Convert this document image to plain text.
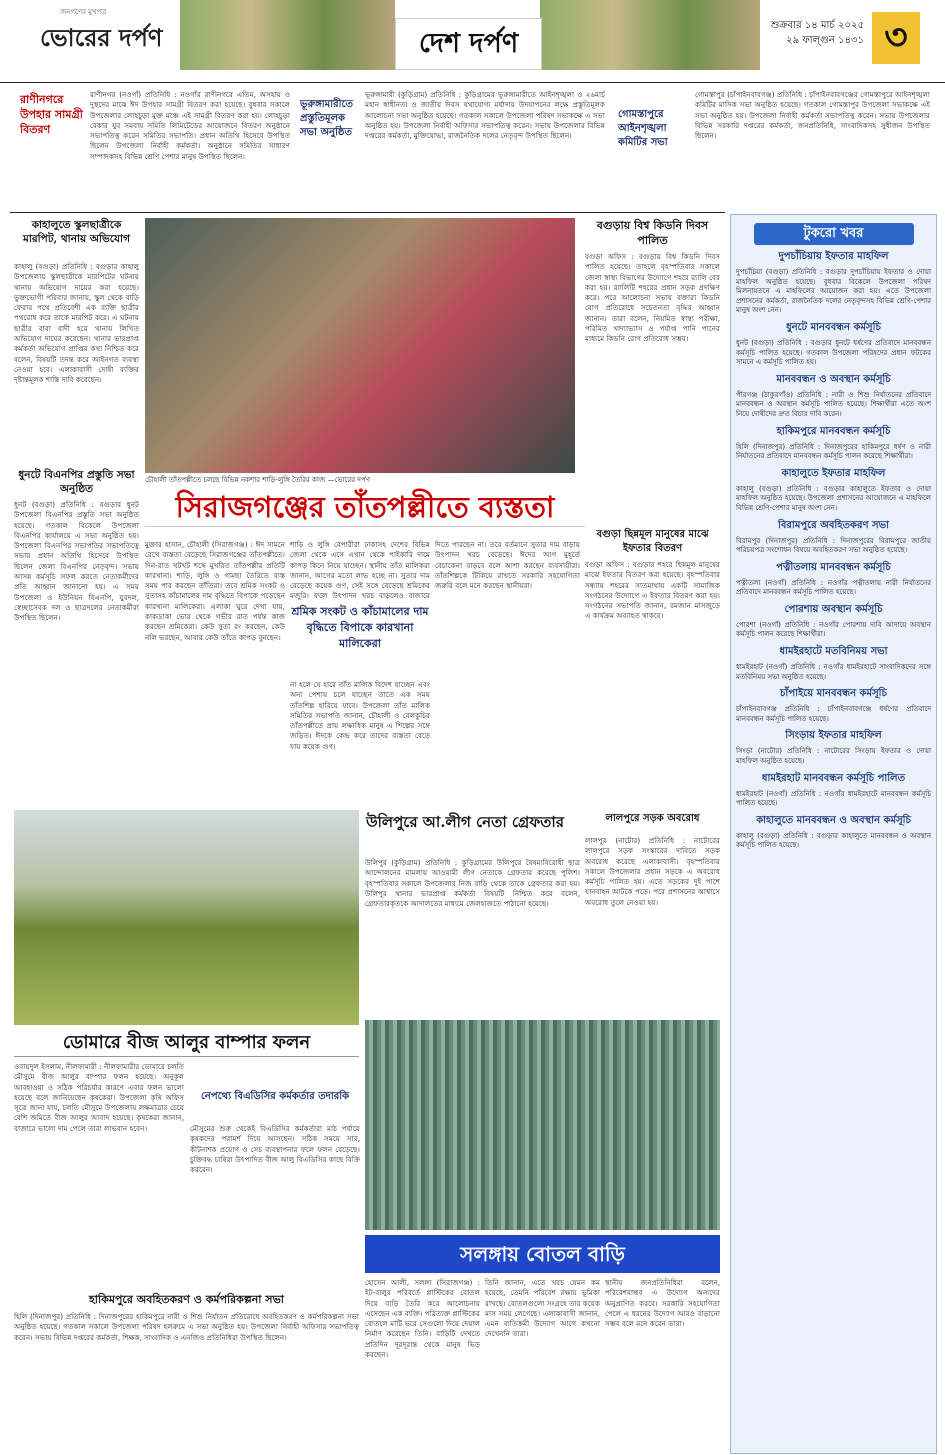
জনগণের মুখপত্র
ভোরের দর্পণ	দেশ দর্পণ
শুক্রবার ১৪ মার্চ ২০২৫
২৯ ফাল্গুন ১৪৩১ ৩
রাণীনগরে উপহার সামগ্রী বিতরণ
রাণীনগর (নওগাঁ) প্রতিনিধি : নওগাঁর রাণীনগরে এতিম, অসহায় ও দুস্থদের মাঝে ঈদ উপহার সামগ্রী বিতরণ করা হয়েছে। বুধবার সকালে উপজেলার লোহচুড়া মুক্ত মঞ্চে এই সামগ্রী বিতরণ করা হয়। লোহচুড়া বেকার যুব সমবায় সমিতি লিমিটেডের আয়োজনে বিতরণ অনুষ্ঠানে সভাপতিত্ব করেন সমিতির সভাপতি। প্রধান অতিথি হিসেবে উপস্থিত ছিলেন উপজেলা নির্বাহী কর্মকর্তা। অনুষ্ঠানে সমিতির সাধারণ সম্পাদকসহ বিভিন্ন শ্রেণি পেশার মানুষ উপস্থিত ছিলেন।
ভূরুঙ্গামারীতে প্রস্তুতিমূলক সভা অনুষ্ঠিত
ভূরুঙ্গামারী (কুড়িগ্রাম) প্রতিনিধি : কুড়িগ্রামের ভূরুঙ্গামারীতে আইনশৃঙ্খলা ও ২৬মার্চ মহান স্বাধীনতা ও জাতীয় দিবস যথাযোগ্য মর্যাদায় উদযাপনের লক্ষে প্রস্তুতিমূলক আলোচনা সভা অনুষ্ঠিত হয়েছে। গতকাল সকালে উপজেলা পরিষদ সভাকক্ষে এ সভা অনুষ্ঠিত হয়। উপজেলা নির্বাহী অফিসার সভাপতিত্ব করেন। সভায় উপজেলার বিভিন্ন দপ্তরের কর্মকর্তা, মুক্তিযোদ্ধা, রাজনৈতিক দলের নেতৃবৃন্দ উপস্থিত ছিলেন।
গোমস্তাপুরে আইনশৃঙ্খলা কমিটির সভা
গোমস্তাপুর (চাঁপাইনবাবগঞ্জ) প্রতিনিধি : চাঁপাইনবাবগঞ্জের গোমস্তাপুরে আইনশৃঙ্খলা কমিটির মাসিক সভা অনুষ্ঠিত হয়েছে। গতকাল গোমস্তাপুর উপজেলা সভাকক্ষে এই সভা অনুষ্ঠিত হয়। উপজেলা নির্বাহী কর্মকর্তা সভাপতিত্ব করেন। সভায় উপজেলার বিভিন্ন সরকারি দপ্তরের কর্মকর্তা, জনপ্রতিনিধি, সাংবাদিকসহ সুধীজন উপস্থিত ছিলেন।
কাহালুতে স্কুলছাত্রীকে মারপিট, থানায় অভিযোগ
কাহালু (বগুড়া) প্রতিনিধি : বগুড়ার কাহালু উপজেলায় স্কুলছাত্রীকে মারপিটের ঘটনায় থানায় অভিযোগ দায়ের করা হয়েছে। ভুক্তভোগী পরিবার জানায়, স্কুল থেকে বাড়ি ফেরার পথে প্রতিবেশী এক ব্যক্তি ছাত্রীর পথরোধ করে তাকে মারপিট করে। এ ঘটনায় ছাত্রীর বাবা বাদী হয়ে থানায় লিখিত অভিযোগ দায়ের করেছেন। থানার ভারপ্রাপ্ত কর্মকর্তা অভিযোগ প্রাপ্তির কথা নিশ্চিত করে বলেন, বিষয়টি তদন্ত করে আইনগত ব্যবস্থা নেওয়া হবে। এলাকাবাসী দোষী ব্যক্তির দৃষ্টান্তমূলক শাস্তি দাবি করেছেন।
ধুনটে বিএনপির প্রস্তুতি সভা অনুষ্ঠিত
ধুনট (বগুড়া) প্রতিনিধি : বগুড়ার ধুনট উপজেলা বিএনপির প্রস্তুতি সভা অনুষ্ঠিত হয়েছে। গতকাল বিকেলে উপজেলা বিএনপির কার্যালয়ে এ সভা অনুষ্ঠিত হয়। উপজেলা বিএনপির সভাপতির সভাপতিত্বে সভায় প্রধান অতিথি হিসেবে উপস্থিত ছিলেন জেলা বিএনপির নেতৃবৃন্দ। সভায় আসন্ন কর্মসূচি সফল করতে নেতাকর্মীদের প্রতি আহ্বান জানানো হয়। এ সময় উপজেলা ও ইউনিয়ন বিএনপি, যুবদল, স্বেচ্ছাসেবক দল ও ছাত্রদলের নেতাকর্মীরা উপস্থিত ছিলেন।
চৌহালী তাঁতপল্লীতে চলছে বিভিন্ন নকশার শাড়ি-লুঙ্গি তৈরির কাজ —ভোরের দর্পণ
সিরাজগঞ্জের তাঁতপল্লীতে ব্যস্ততা
মুক্তার হাসান, চৌহালী (সিরাজগঞ্জ) : ঈদ সামনে রেখে ব্যস্ততা বেড়েছে সিরাজগঞ্জের তাঁতপল্লীতে। দিন-রাত খটখট শব্দে মুখরিত তাঁতপল্লীর প্রতিটি কারখানা। শাড়ি, লুঙ্গি ও গামছা তৈরিতে ব্যস্ত সময় পার করছেন তাঁতিরা। তবে শ্রমিক সংকট ও সুতাসহ কাঁচামালের দাম বৃদ্ধিতে বিপাকে পড়েছেন কারখানা মালিকেরা। এলাকা ঘুরে দেখা যায়, কাকডাকা ভোর থেকে গভীর রাত পর্যন্ত কাজ করছেন শ্রমিকেরা। কেউ সুতা রং করছেন, কেউ নলি ভরছেন, আবার কেউ তাঁতে কাপড় বুনছেন।
শাড়ি ও লুঙ্গি বেপারীরা ঢাকাসহ দেশের বিভিন্ন জেলা থেকে এসে এখান থেকে পাইকারি দামে কাপড় কিনে নিয়ে যাচ্ছেন। স্থানীয় তাঁত মালিকরা জানান, আগের মতো লাভ হচ্ছে না। সুতার দাম বেড়েছে কয়েক গুণ, সেই সঙ্গে বেড়েছে শ্রমিকের মজুরি। ফলে উৎপাদন খরচ বাড়লেও বাজারে
শ্রমিক সংকট ও কাঁচামালের দাম বৃদ্ধিতে বিপাকে কারখানা মালিকেরা
না হলে যে হারে তাঁত মালিক বিদেশ যাচ্ছেন এবং অন্য পেশায় চলে যাচ্ছেন তাতে এক সময় তাঁতশিল্প হারিয়ে যাবে। উপজেলা তাঁত মালিক সমিতির সভাপতি জানান, চৌহালী ও বেলকুচির তাঁতপল্লীতে প্রায় লক্ষাধিক মানুষ এ শিল্পের সঙ্গে জড়িত। ঈদকে কেন্দ্র করে তাদের ব্যস্ততা বেড়ে যায় কয়েক গুণ।
দিতে পারছেন না। তবে বর্তমানে সুতার দাম বাড়ায় উৎপাদন খরচ বেড়েছে। ঈদের আগ মুহূর্তে বেচাকেনা বাড়বে বলে আশা করছেন ব্যবসায়ীরা। তাঁতশিল্পকে টিকিয়ে রাখতে সরকারি সহযোগিতা জরুরি বলে মনে করছেন স্থানীয়রা।
বগুড়ায় বিশ্ব কিডনি দিবস পালিত
বগুড়া অফিস : বগুড়ায় বিশ্ব কিডনি দিবস পালিত হয়েছে। তাহলে বৃহস্পতিবার সকালে জেলা স্বাস্থ্য বিভাগের উদ্যোগে শহরে র‍্যালি বের করা হয়। র‍্যালিটি শহরের প্রধান সড়ক প্রদক্ষিণ করে। পরে আলোচনা সভায় বক্তারা কিডনি রোগ প্রতিরোধে সচেতনতা বৃদ্ধির আহ্বান জানান। তারা বলেন, নিয়মিত স্বাস্থ্য পরীক্ষা, পরিমিত খাদ্যাভ্যাস ও পর্যাপ্ত পানি পানের মাধ্যমে কিডনি রোগ প্রতিরোধ সম্ভব।
বগুড়া ছিন্নমূল মানুষের মাঝে ইফতার বিতরণ
বগুড়া অফিস : বগুড়ার শহরে ছিন্নমূল মানুষের মাঝে ইফতার বিতরণ করা হয়েছে। বৃহস্পতিবার সন্ধ্যায় শহরের সাতমাথায় একটি সামাজিক সংগঠনের উদ্যোগে এ ইফতার বিতরণ করা হয়। সংগঠনের সভাপতি জানান, রমজান মাসজুড়ে এ কার্যক্রম অব্যাহত থাকবে।
উলিপুরে আ.লীগ নেতা গ্রেফতার
উলিপুর (কুড়িগ্রাম) প্রতিনিধি : কুড়িগ্রামের উলিপুরে বৈষম্যবিরোধী ছাত্র আন্দোলনের মামলায় আওয়ামী লীগ নেতাকে গ্রেফতার করেছে পুলিশ। বৃহস্পতিবার সকালে উপজেলার নিজ বাড়ি থেকে তাকে গ্রেফতার করা হয়। উলিপুর থানার ভারপ্রাপ্ত কর্মকর্তা বিষয়টি নিশ্চিত করে বলেন, গ্রেফতারকৃতকে আদালতের মাধ্যমে জেলহাজতে পাঠানো হয়েছে।
লালপুরে সড়ক অবরোধ
লালপুর (নাটোর) প্রতিনিধি : নাটোরের লালপুরে সড়ক সংস্কারের দাবিতে সড়ক অবরোধ করেছে এলাকাবাসী। বৃহস্পতিবার সকালে উপজেলার প্রধান সড়কে এ অবরোধ কর্মসূচি পালিত হয়। এতে সড়কের দুই পাশে যানবাহন আটকে পড়ে। পরে প্রশাসনের আশ্বাসে অবরোধ তুলে নেওয়া হয়।
ডোমারে বীজ আলুর বাম্পার ফলন
ওবায়দুল ইসলাম, নীলফামারী : নীলফামারীর ডোমারে চলতি মৌসুমে বীজ আলুর বাম্পার ফলন হয়েছে। অনুকূল আবহাওয়া ও সঠিক পরিচর্যার কারণে এবার ফলন ভালো হয়েছে বলে জানিয়েছেন কৃষকেরা। উপজেলা কৃষি অফিস সূত্রে জানা যায়, চলতি মৌসুমে উপজেলায় লক্ষমাত্রার চেয়ে বেশি জমিতে বীজ আলুর আবাদ হয়েছে। কৃষকেরা জানান, বাজারে ভালো দাম পেলে তারা লাভবান হবেন।
নেপথ্যে বিএডিসির কর্মকর্তার তদারকি
মৌসুমের শুরু থেকেই বিএডিসির কর্মকর্তারা মাঠ পর্যায়ে কৃষকদের পরামর্শ দিয়ে আসছেন। সঠিক সময়ে সার, কীটনাশক প্রয়োগ ও সেচ ব্যবস্থাপনার ফলে ফলন বেড়েছে। চুক্তিবদ্ধ চাষিরা উৎপাদিত বীজ আলু বিএডিসির কাছে বিক্রি করবেন।
সলঙ্গায় বোতল বাড়ি
হোসেন আলী, সলঙ্গা (সিরাজগঞ্জ) : ইট-বালুর পরিবর্তে প্লাস্টিকের বোতল দিয়ে বাড়ি তৈরি করে আলোচনায় এসেছেন এক ব্যক্তি। পরিত্যক্ত প্লাস্টিকের বোতলে মাটি ভরে সেগুলো দিয়ে দেয়াল নির্মাণ করেছেন তিনি। বাড়িটি দেখতে প্রতিদিন দূরদূরান্ত থেকে মানুষ ভিড় করছেন।
তিনি জানান, এতে খরচ যেমন কম হয়েছে, তেমনি পরিবেশ রক্ষায় ভূমিকা রাখছে। বোতলগুলো সংগ্রহে তার কয়েক মাস সময় লেগেছে। এলাকাবাসী জানান, এমন ব্যতিক্রমী উদ্যোগ আগে কখনো দেখেননি তারা।
স্থানীয় জনপ্রতিনিধিরা বলেন, পরিবেশবান্ধব এ উদ্যোগ অন্যদের অনুপ্রাণিত করবে। সরকারি সহযোগিতা পেলে এ ধরনের উদ্যোগ আরও বাড়ানো সম্ভব বলে মনে করেন তারা।
হাকিমপুরে অবহিতকরণ ও কর্মপরিকল্পনা সভা
হিলি (দিনাজপুর) প্রতিনিধি : দিনাজপুরের হাকিমপুরে নারী ও শিশু নির্যাতন প্রতিরোধে অবহিতকরণ ও কর্মপরিকল্পনা সভা অনুষ্ঠিত হয়েছে। গতকাল সকালে উপজেলা পরিষদ হলরুমে এ সভা অনুষ্ঠিত হয়। উপজেলা নির্বাহী অফিসার সভাপতিত্ব করেন। সভায় বিভিন্ন দপ্তরের কর্মকর্তা, শিক্ষক, সাংবাদিক ও এনজিও প্রতিনিধিরা উপস্থিত ছিলেন।
টুকরো খবর
দুপচাঁচিয়ায় ইফতার মাহফিল
দুপচাঁচিয়া (বগুড়া) প্রতিনিধি : বগুড়ার দুপচাঁচিয়ায় ইফতার ও দোয়া মাহফিল অনুষ্ঠিত হয়েছে। বুধবার বিকেলে উপজেলা পরিষদ মিলনায়তনে এ মাহফিলের আয়োজন করা হয়। এতে উপজেলা প্রশাসনের কর্মকর্তা, রাজনৈতিক দলের নেতৃবৃন্দসহ বিভিন্ন শ্রেণি-পেশার মানুষ অংশ নেন।
ধুনটে মানববন্ধন কর্মসূচি
ধুনট (বগুড়া) প্রতিনিধি : বগুড়ার ধুনটে ধর্ষণের প্রতিবাদে মানববন্ধন কর্মসূচি পালিত হয়েছে। গতকাল উপজেলা পরিষদের প্রধান ফটকের সামনে এ কর্মসূচি পালিত হয়।
মানববন্ধন ও অবস্থান কর্মসূচি
পীরগঞ্জ (ঠাকুরগাঁও) প্রতিনিধি : নারী ও শিশু নির্যাতনের প্রতিবাদে মানববন্ধন ও অবস্থান কর্মসূচি পালিত হয়েছে। শিক্ষার্থীরা এতে অংশ নিয়ে দোষীদের দ্রুত বিচার দাবি করেন।
হাকিমপুরে মানববন্ধন কর্মসূচি
হিলি (দিনাজপুর) প্রতিনিধি : দিনাজপুরের হাকিমপুরে ধর্ষণ ও নারী নির্যাতনের প্রতিবাদে মানববন্ধন কর্মসূচি পালন করেছে শিক্ষার্থীরা।
কাহালুতে ইফতার মাহফিল
কাহালু (বগুড়া) প্রতিনিধি : বগুড়ার কাহালুতে ইফতার ও দোয়া মাহফিল অনুষ্ঠিত হয়েছে। উপজেলা প্রশাসনের আয়োজনে এ মাহফিলে বিভিন্ন শ্রেণি-পেশার মানুষ অংশ নেন।
বিরামপুরে অবহিতকরণ সভা
বিরামপুর (দিনাজপুর) প্রতিনিধি : দিনাজপুরের বিরামপুরে জাতীয় পরিচয়পত্র সংশোধন বিষয়ে অবহিতকরণ সভা অনুষ্ঠিত হয়েছে।
পত্নীতলায় মানববন্ধন কর্মসূচি
পত্নীতলা (নওগাঁ) প্রতিনিধি : নওগাঁর পত্নীতলায় নারী নির্যাতনের প্রতিবাদে মানববন্ধন কর্মসূচি পালিত হয়েছে।
পোরশায় অবস্থান কর্মসূচি
পোরশা (নওগাঁ) প্রতিনিধি : নওগাঁর পোরশায় দাবি আদায়ে অবস্থান কর্মসূচি পালন করেছে শিক্ষার্থীরা।
ধামইরহাটে মতবিনিময় সভা
ধামইরহাট (নওগাঁ) প্রতিনিধি : নওগাঁর ধামইরহাটে সাংবাদিকদের সঙ্গে মতবিনিময় সভা অনুষ্ঠিত হয়েছে।
চাঁপাইয়ে মানববন্ধন কর্মসূচি
চাঁপাইনবাবগঞ্জ প্রতিনিধি : চাঁপাইনবাবগঞ্জে ধর্ষণের প্রতিবাদে মানববন্ধন কর্মসূচি পালিত হয়েছে।
সিংড়ায় ইফতার মাহফিল
সিংড়া (নাটোর) প্রতিনিধি : নাটোরের সিংড়ায় ইফতার ও দোয়া মাহফিল অনুষ্ঠিত হয়েছে।
ধামইরহাট মানববন্ধন কর্মসূচি পালিত
ধামইরহাট (নওগাঁ) প্রতিনিধি : নওগাঁর ধামইরহাটে মানববন্ধন কর্মসূচি পালিত হয়েছে।
কাহালুতে মানববন্ধন ও অবস্থান কর্মসূচি
কাহালু (বগুড়া) প্রতিনিধি : বগুড়ার কাহালুতে মানববন্ধন ও অবস্থান কর্মসূচি পালিত হয়েছে।
